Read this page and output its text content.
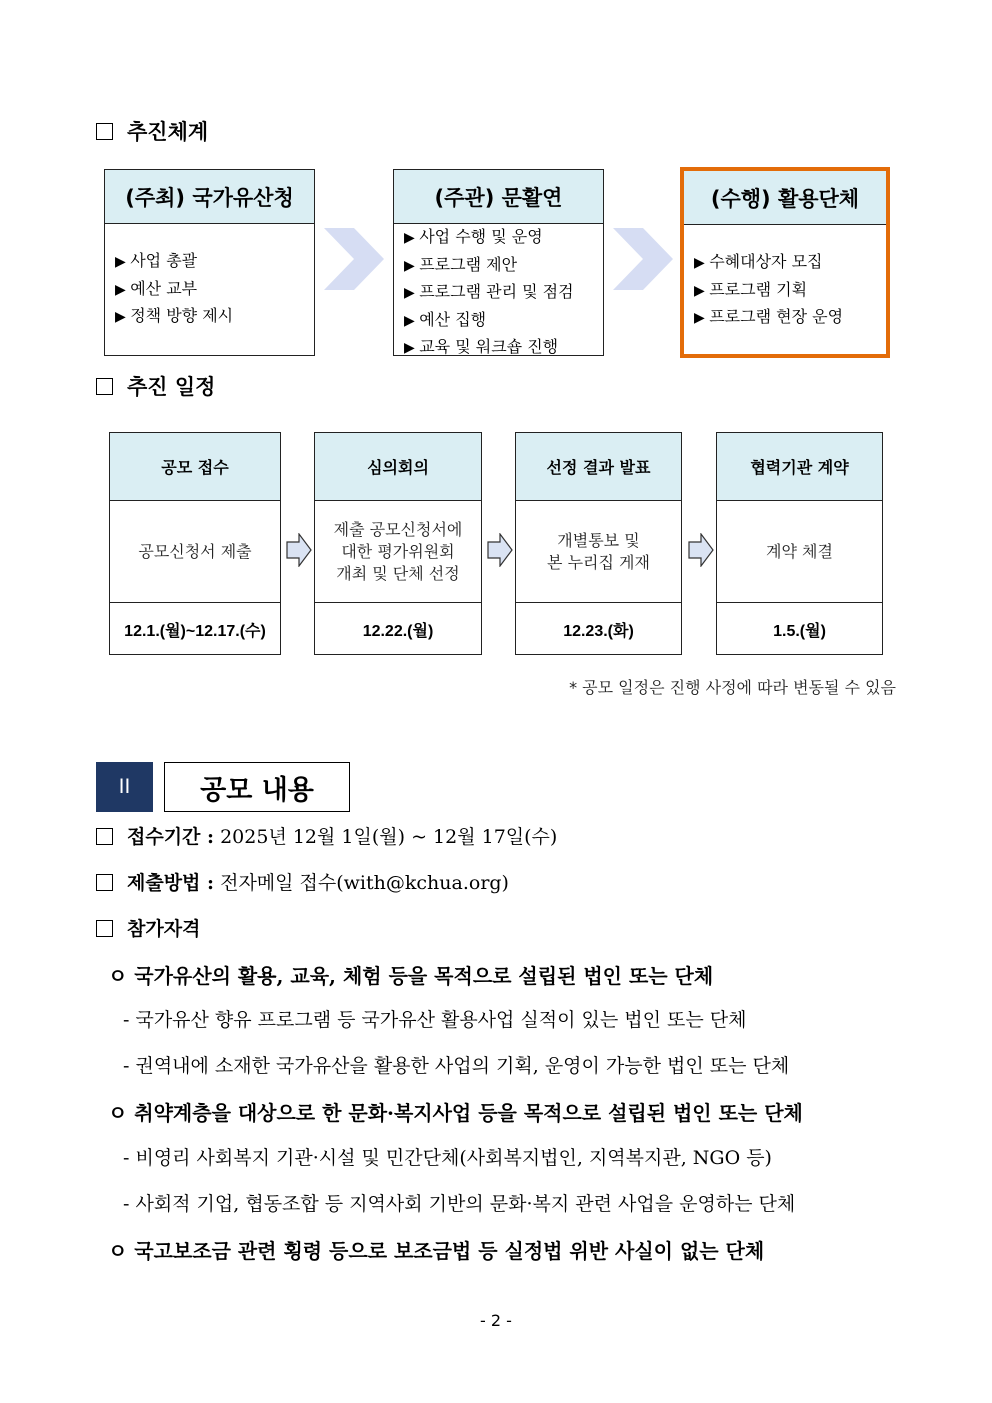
추진체계
(주최) 국가유산청
▶ 사업 총괄
▶ 예산 교부
▶ 정책 방향 제시
(주관) 문활연
▶ 사업 수행 및 운영
▶ 프로그램 제안
▶ 프로그램 관리 및 점검
▶ 예산 집행
▶ 교육 및 워크숍 진행
(수행) 활용단체
▶ 수혜대상자 모집
▶ 프로그램 기획
▶ 프로그램 현장 운영
추진 일정
공모 접수
공모신청서 제출
12.1.(월)~12.17.(수)
심의회의
제출 공모신청서에
대한 평가위원회
개최 및 단체 선정
12.22.(월)
선정 결과 발표
개별통보 및
본 누리집 게재
12.23.(화)
협력기관 계약
계약 체결
1.5.(월)
* 공모 일정은 진행 사정에 따라 변동될 수 있음
II	공모 내용
접수기간 : 2025년 12월 1일(월) ~ 12월 17일(수)
제출방법 : 전자메일 접수(with@kchua.org)
참가자격
ㅇ 국가유산의 활용, 교육, 체험 등을 목적으로 설립된 법인 또는 단체
- 국가유산 향유 프로그램 등 국가유산 활용사업 실적이 있는 법인 또는 단체
- 권역내에 소재한 국가유산을 활용한 사업의 기획, 운영이 가능한 법인 또는 단체
ㅇ 취약계층을 대상으로 한 문화·복지사업 등을 목적으로 설립된 법인 또는 단체
- 비영리 사회복지 기관·시설 및 민간단체(사회복지법인, 지역복지관, NGO 등)
- 사회적 기업, 협동조합 등 지역사회 기반의 문화·복지 관련 사업을 운영하는 단체
ㅇ 국고보조금 관련 횡령 등으로 보조금법 등 실정법 위반 사실이 없는 단체
- 2 -
